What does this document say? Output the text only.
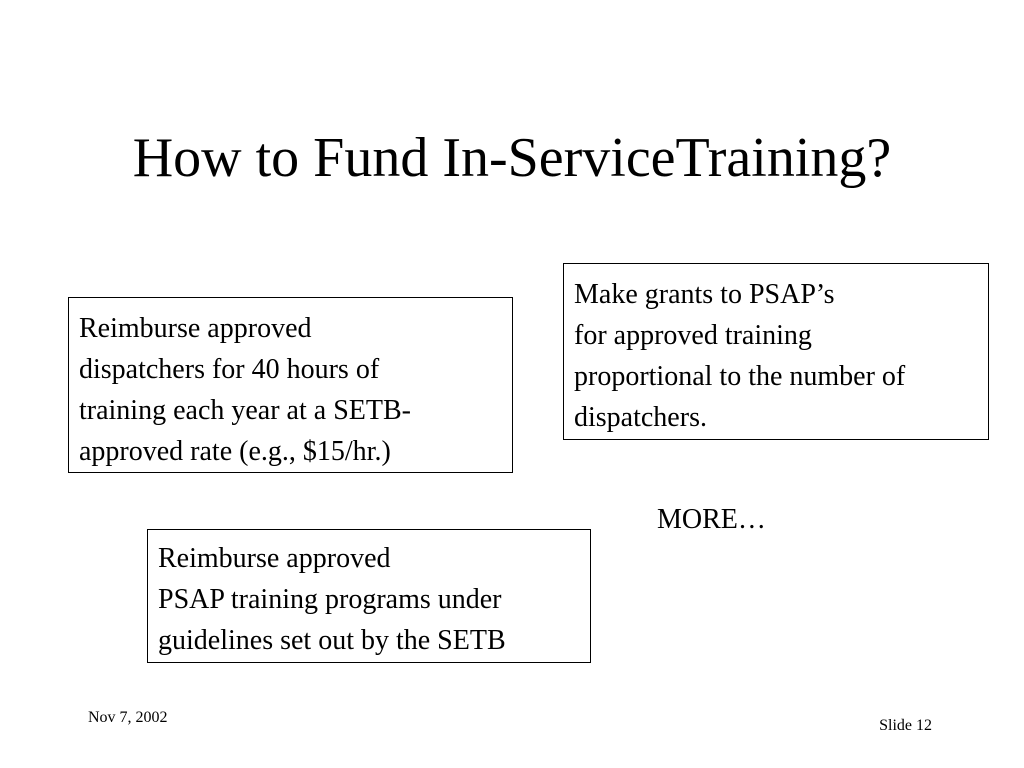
How to Fund In-ServiceTraining?
Reimburse approved
dispatchers for 40 hours of
training each year at a SETB-
approved rate (e.g., $15/hr.)
Make grants to PSAP’s
for approved training
proportional to the number of
dispatchers.
MORE…
Reimburse approved
PSAP training programs under
guidelines set out by the SETB
Nov 7, 2002	Slide 12
